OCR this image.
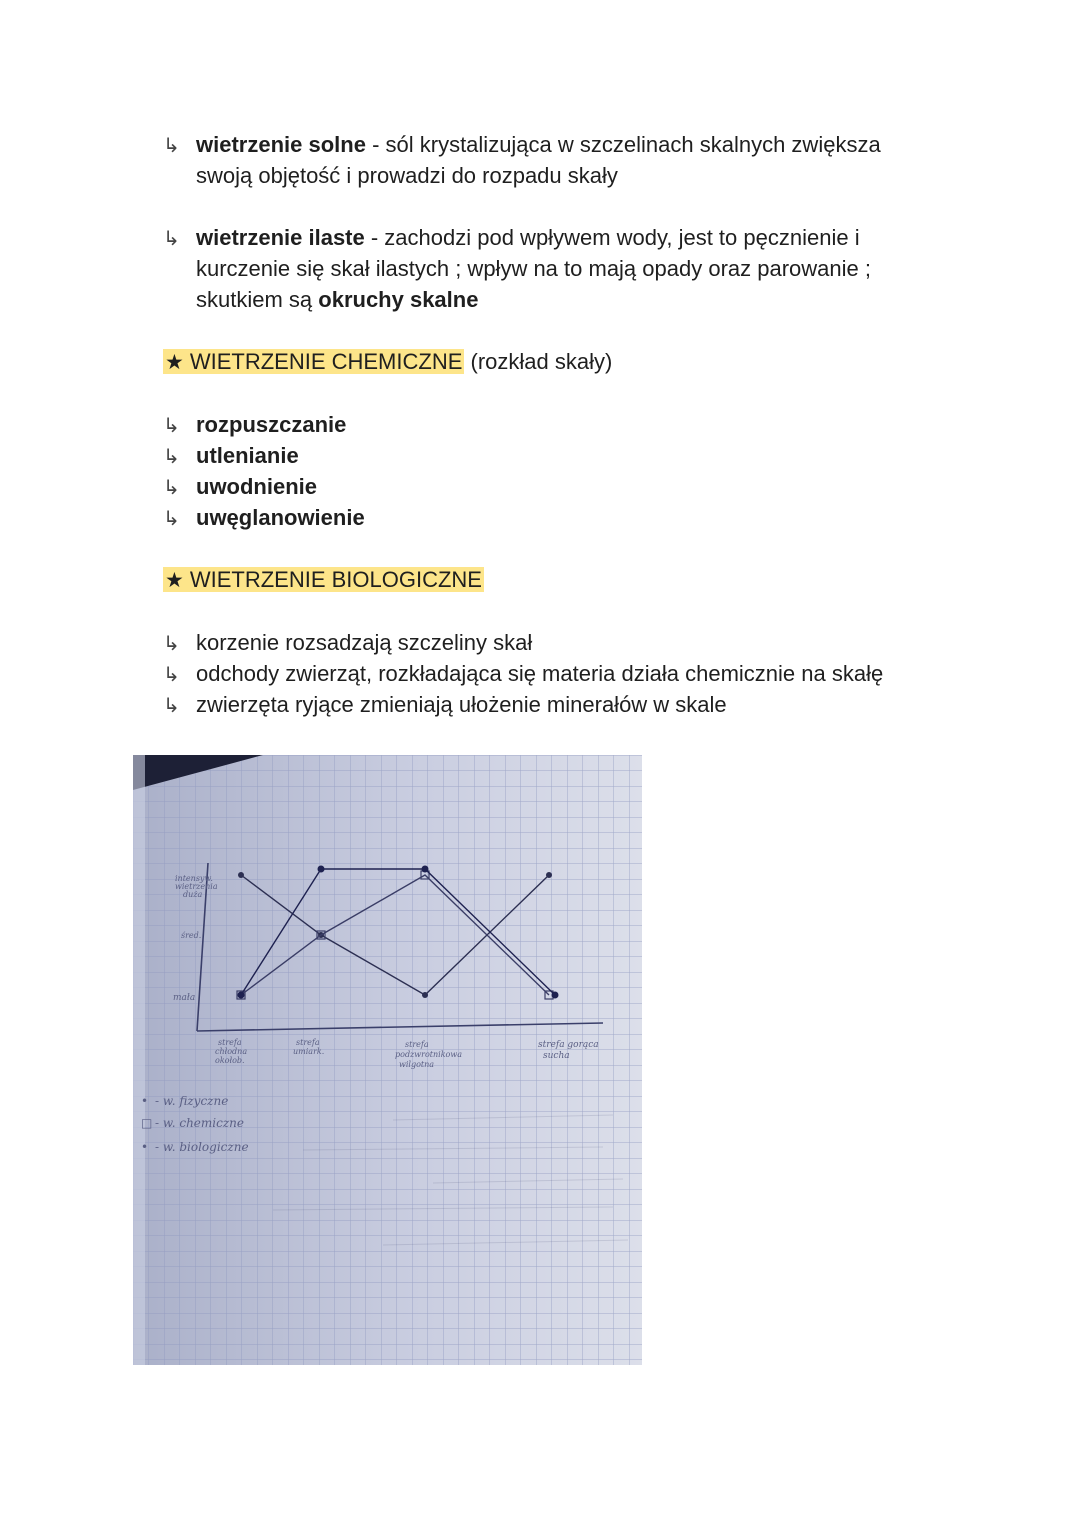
↳ wietrzenie solne - sól krystalizująca w szczelinach skalnych zwiększa
swoją objętość i prowadzi do rozpadu skały
↳ wietrzenie ilaste - zachodzi pod wpływem wody, jest to pęcznienie i
kurczenie się skał ilastych ; wpływ na to mają opady oraz parowanie ;
skutkiem są okruchy skalne
★ WIETRZENIE CHEMICZNE (rozkład skały)
↳ rozpuszczanie
↳ utlenianie
↳ uwodnienie
↳ uwęglanowienie
★ WIETRZENIE BIOLOGICZNE
↳ korzenie rozsadzają szczeliny skał
↳ odchody zwierząt, rozkładająca się materia działa chemicznie na skałę
↳ zwierzęta ryjące zmieniają ułożenie minerałów w skale
intensyw.
wietrzenia
duża
śred.
mała
strefa
chłodna
okołob.
strefa
umiark.
strefa
podzwrotnikowa
wilgotna
strefa gorąca
sucha
• - w. fizyczne
□ - w. chemiczne
• - w. biologiczne
